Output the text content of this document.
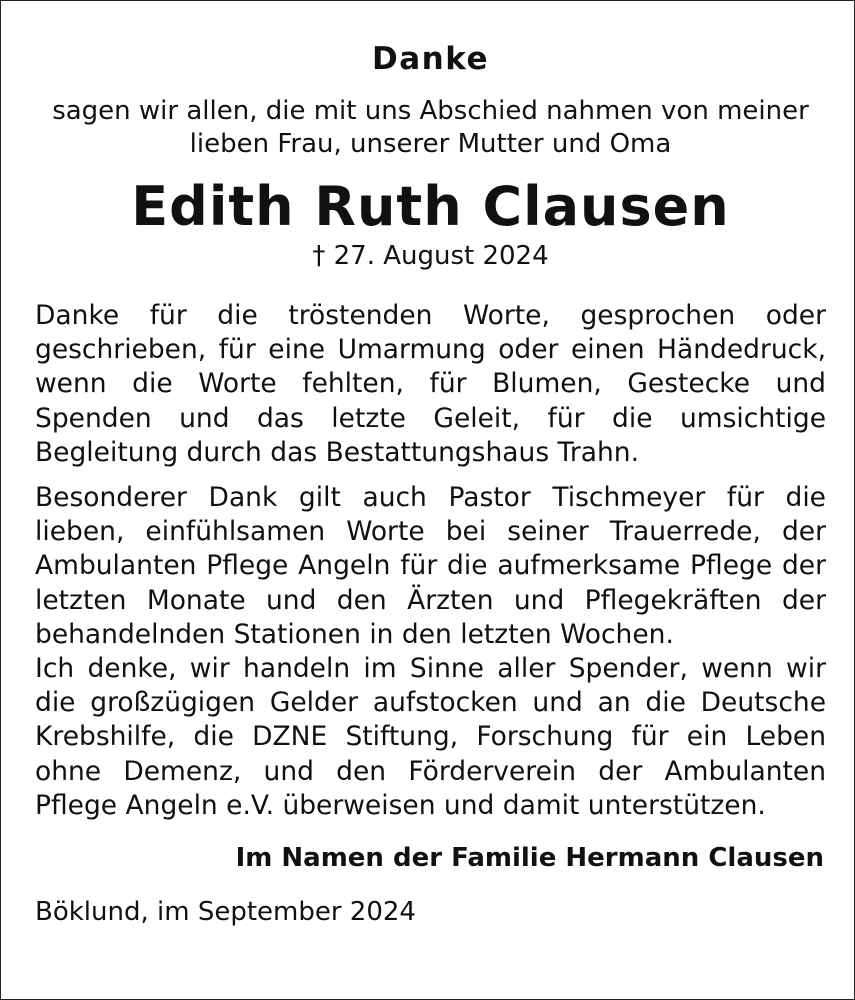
Danke
sagen wir allen, die mit uns Abschied nahmen von meiner lieben Frau, unserer Mutter und Oma
Edith Ruth Clausen
† 27. August 2024

Danke für die tröstenden Worte, gesprochen oder geschrieben, für eine Umarmung oder einen Händedruck, wenn die Worte fehlten, für Blumen, Gestecke und Spenden und das letzte Geleit, für die umsichtige Begleitung durch das Bestattungshaus Trahn.

Besonderer Dank gilt auch Pastor Tischmeyer für die lieben, einfühlsamen Worte bei seiner Trauerrede, der Ambulanten Pflege Angeln für die aufmerksame Pflege der letzten Monate und den Ärzten und Pflegekräften der behandelnden Stationen in den letzten Wochen.

Ich denke, wir handeln im Sinne aller Spender, wenn wir die großzügigen Gelder aufstocken und an die Deutsche Krebshilfe, die DZNE Stiftung, Forschung für ein Leben ohne Demenz, und den Förderverein der Ambulanten Pflege Angeln e.V. überweisen und damit unterstützen.

Im Namen der Familie Hermann Clausen
Böklund, im September 2024
